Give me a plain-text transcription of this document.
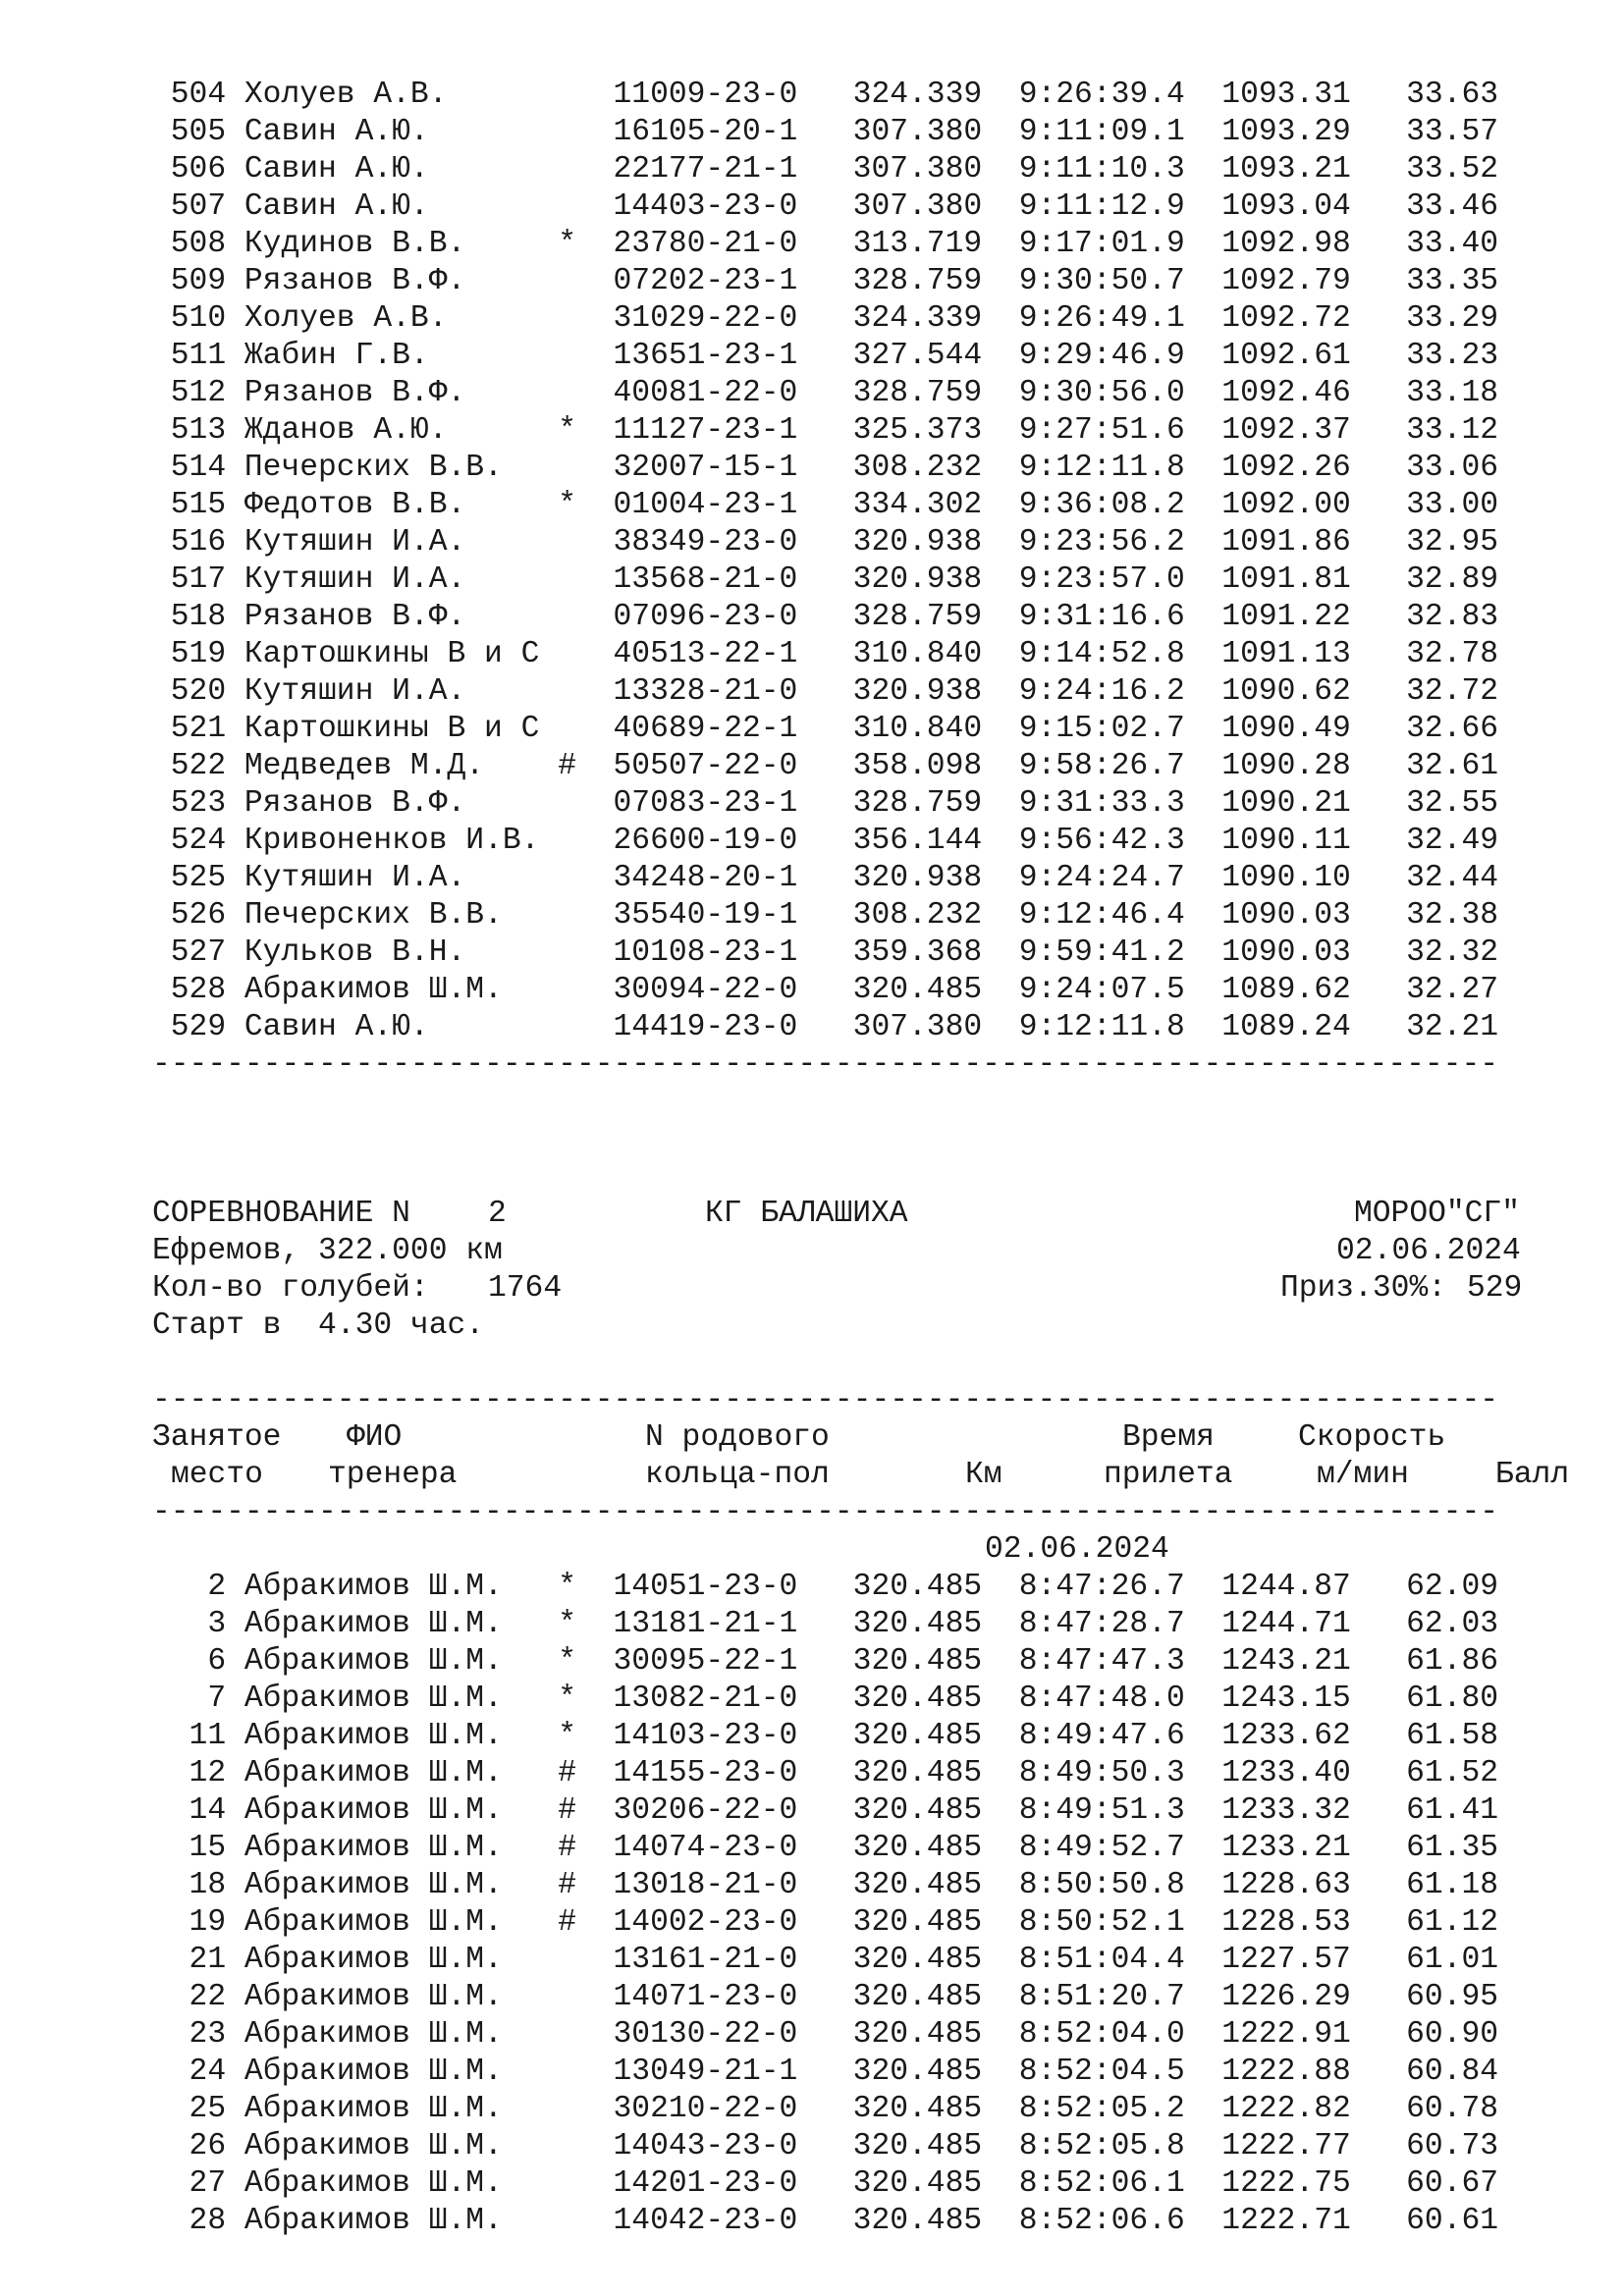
504 Холуев А.В.         11009-23-0   324.339 9:26:39.4  1093.31   33.63
505 Савин А.Ю.          16105-20-1   307.380 9:11:09.1  1093.29   33.57
506 Савин А.Ю.          22177-21-1   307.380 9:11:10.3  1093.21   33.52
507 Савин А.Ю.          14403-23-0   307.380 9:11:12.9  1093.04   33.46
508 Кудинов В.В.     * 23780-21-0   313.719 9:17:01.9  1092.98   33.40
509 Рязанов В.Ф.        07202-23-1   328.759 9:30:50.7  1092.79   33.35
510 Холуев А.В.         31029-22-0   324.339 9:26:49.1  1092.72   33.29
511 Жабин Г.В.          13651-23-1   327.544 9:29:46.9  1092.61   33.23
512 Рязанов В.Ф.        40081-22-0   328.759 9:30:56.0  1092.46   33.18
513 Жданов А.Ю.      * 11127-23-1   325.373 9:27:51.6  1092.37   33.12
514 Печерских В.В.      32007-15-1   308.232 9:12:11.8  1092.26   33.06
515 Федотов В.В.     * 01004-23-1   334.302 9:36:08.2  1092.00   33.00
516 Кутяшин И.А.        38349-23-0   320.938 9:23:56.2  1091.86   32.95
517 Кутяшин И.А.        13568-21-0   320.938 9:23:57.0  1091.81   32.89
518 Рязанов В.Ф.        07096-23-0   328.759 9:31:16.6  1091.22   32.83
519 Картошкины В и С    40513-22-1   310.840 9:14:52.8  1091.13   32.78
520 Кутяшин И.А.        13328-21-0   320.938 9:24:16.2  1090.62   32.72
521 Картошкины В и С    40689-22-1   310.840 9:15:02.7  1090.49   32.66
522 Медведев М.Д.    # 50507-22-0   358.098 9:58:26.7  1090.28   32.61
523 Рязанов В.Ф.        07083-23-1   328.759 9:31:33.3  1090.21   32.55
524 Кривоненков И.В.    26600-19-0   356.144 9:56:42.3  1090.11   32.49
525 Кутяшин И.А.        34248-20-1   320.938 9:24:24.7  1090.10   32.44
526 Печерских В.В.      35540-19-1   308.232 9:12:46.4  1090.03   32.38
527 Кульков В.Н.        10108-23-1   359.368 9:59:41.2  1090.03   32.32
528 Абракимов Ш.М.      30094-22-0   320.485 9:24:07.5  1089.62   32.27
529 Савин А.Ю.          14419-23-0   307.380 9:12:11.8  1089.24   32.21
-------------------------------------------------------------------------
СОРЕВНОВАНИЕ N	2	КГ БАЛАШИХА	МОРОО"СГ"
Ефремов, 322.000 км	02.06.2024
Кол-во голубей: 1764	Приз.30%: 529
Старт в  4.30 час.
-------------------------------------------------------------------------
Занятое ФИО	N родового	Время	Скорость
место тренера	кольца-пол	Км	прилета	м/мин	Балл
-------------------------------------------------------------------------
02.06.2024
2 Абракимов Ш.М.   * 14051-23-0   320.485 8:47:26.7  1244.87   62.09
3 Абракимов Ш.М.   * 13181-21-1   320.485 8:47:28.7  1244.71   62.03
6 Абракимов Ш.М.   * 30095-22-1   320.485 8:47:47.3  1243.21   61.86
7 Абракимов Ш.М.   * 13082-21-0   320.485 8:47:48.0  1243.15   61.80
11 Абракимов Ш.М.   * 14103-23-0   320.485 8:49:47.6  1233.62   61.58
12 Абракимов Ш.М.   # 14155-23-0   320.485 8:49:50.3  1233.40   61.52
14 Абракимов Ш.М.   # 30206-22-0   320.485 8:49:51.3  1233.32   61.41
15 Абракимов Ш.М.   # 14074-23-0   320.485 8:49:52.7  1233.21   61.35
18 Абракимов Ш.М.   # 13018-21-0   320.485 8:50:50.8  1228.63   61.18
19 Абракимов Ш.М.   # 14002-23-0   320.485 8:50:52.1  1228.53   61.12
21 Абракимов Ш.М.      13161-21-0   320.485 8:51:04.4  1227.57   61.01
22 Абракимов Ш.М.      14071-23-0   320.485 8:51:20.7  1226.29   60.95
23 Абракимов Ш.М.      30130-22-0   320.485 8:52:04.0  1222.91   60.90
24 Абракимов Ш.М.      13049-21-1   320.485 8:52:04.5  1222.88   60.84
25 Абракимов Ш.М.      30210-22-0   320.485 8:52:05.2  1222.82   60.78
26 Абракимов Ш.М.      14043-23-0   320.485 8:52:05.8  1222.77   60.73
27 Абракимов Ш.М.      14201-23-0   320.485 8:52:06.1  1222.75   60.67
28 Абракимов Ш.М.      14042-23-0   320.485 8:52:06.6  1222.71   60.61
